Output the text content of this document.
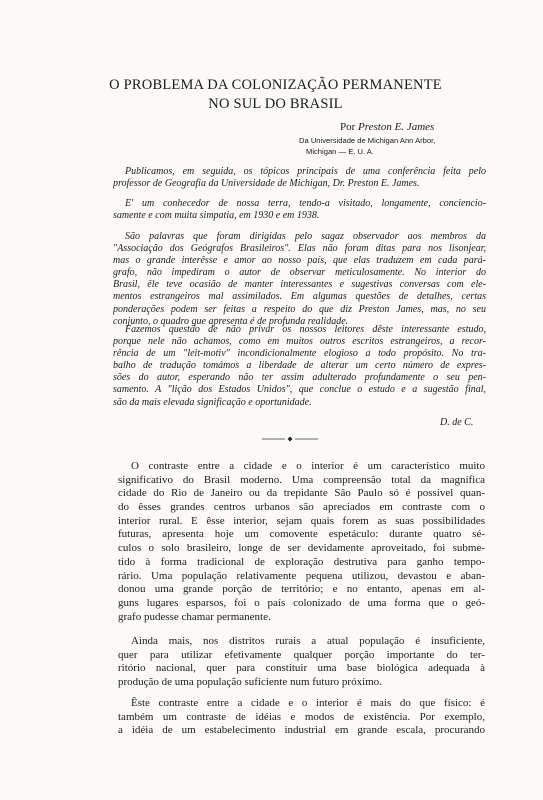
O PROBLEMA DA COLONIZAÇÃO PERMANENTE
NO SUL DO BRASIL
Por Preston E. James
Da Universidade de Michigan Ann Arbor,
Michigan — E. U. A.
Publicamos, em seguida, os tópicos principais de uma conferência feita pelo
professor de Geografia da Universidade de Michigan, Dr. Preston E. James.
E' um conhecedor de nossa terra, tendo-a visitado, longamente, conciencio-
samente e com muita simpatia, em 1930 e em 1938.
São palavras que foram dirigidas pelo sagaz observador aos membros da
"Associação dos Geógrafos Brasileiros". Elas não foram ditas para nos lisonjear,
mas o grande interêsse e amor ao nosso país, que elas traduzem em cada pará-
grafo, não impediram o autor de observar meticulosamente. No interior do
Brasil, êle teve ocasião de manter interessantes e sugestivas conversas com ele-
mentos estrangeiros mal assimilados. Em algumas questões de detalhes, certas
ponderações podem ser feitas a respeito do que diz Preston James, mas, no seu
conjunto, o quadro que apresenta é de profunda realidade.
Fazemos questão de não privar os nossos leitores dêste interessante estudo,
porque nele não achamos, como em muitos outros escritos estrangeiros, a recor-
rência de um "leit-motiv" incondicionalmente elogioso a todo propósito. No tra-
balho de tradução tomámos a liberdade de alterar um certo número de expres-
sões do autor, esperando não ter assim adulterado profundamente o seu pen-
samento. A "lição dos Estados Unidos", que conclue o estudo e a sugestão final,
são da mais elevada significação e oportunidade.
D. de C.
O contraste entre a cidade e o interior é um característico muito
significativo do Brasil moderno. Uma compreensão total da magnífica
cidade do Rio de Janeiro ou da trepidante São Paulo só é possível quan-
do êsses grandes centros urbanos são apreciados em contraste com o
interior rural. E êsse interior, sejam quais forem as suas possibilidades
futuras, apresenta hoje um comovente espetáculo: durante quatro sé-
culos o solo brasileiro, longe de ser devidamente aproveitado, foi subme-
tido à forma tradicional de exploração destrutiva para ganho tempo-
rário. Uma população relativamente pequena utilizou, devastou e aban-
donou uma grande porção de território; e no entanto, apenas em al-
guns lugares esparsos, foi o país colonizado de uma forma que o geó-
grafo pudesse chamar permanente.
Ainda mais, nos distritos rurais a atual população é insuficiente,
quer para utilizar efetivamente qualquer porção importante do ter-
ritório nacional, quer para constituir uma base biológica adequada à
produção de uma população suficiente num futuro próximo.
Êste contraste entre a cidade e o interior é mais do que físico: é
também um contraste de idéias e modos de existência. Por exemplo,
a idéia de um estabelecimento industrial em grande escala, procurando
